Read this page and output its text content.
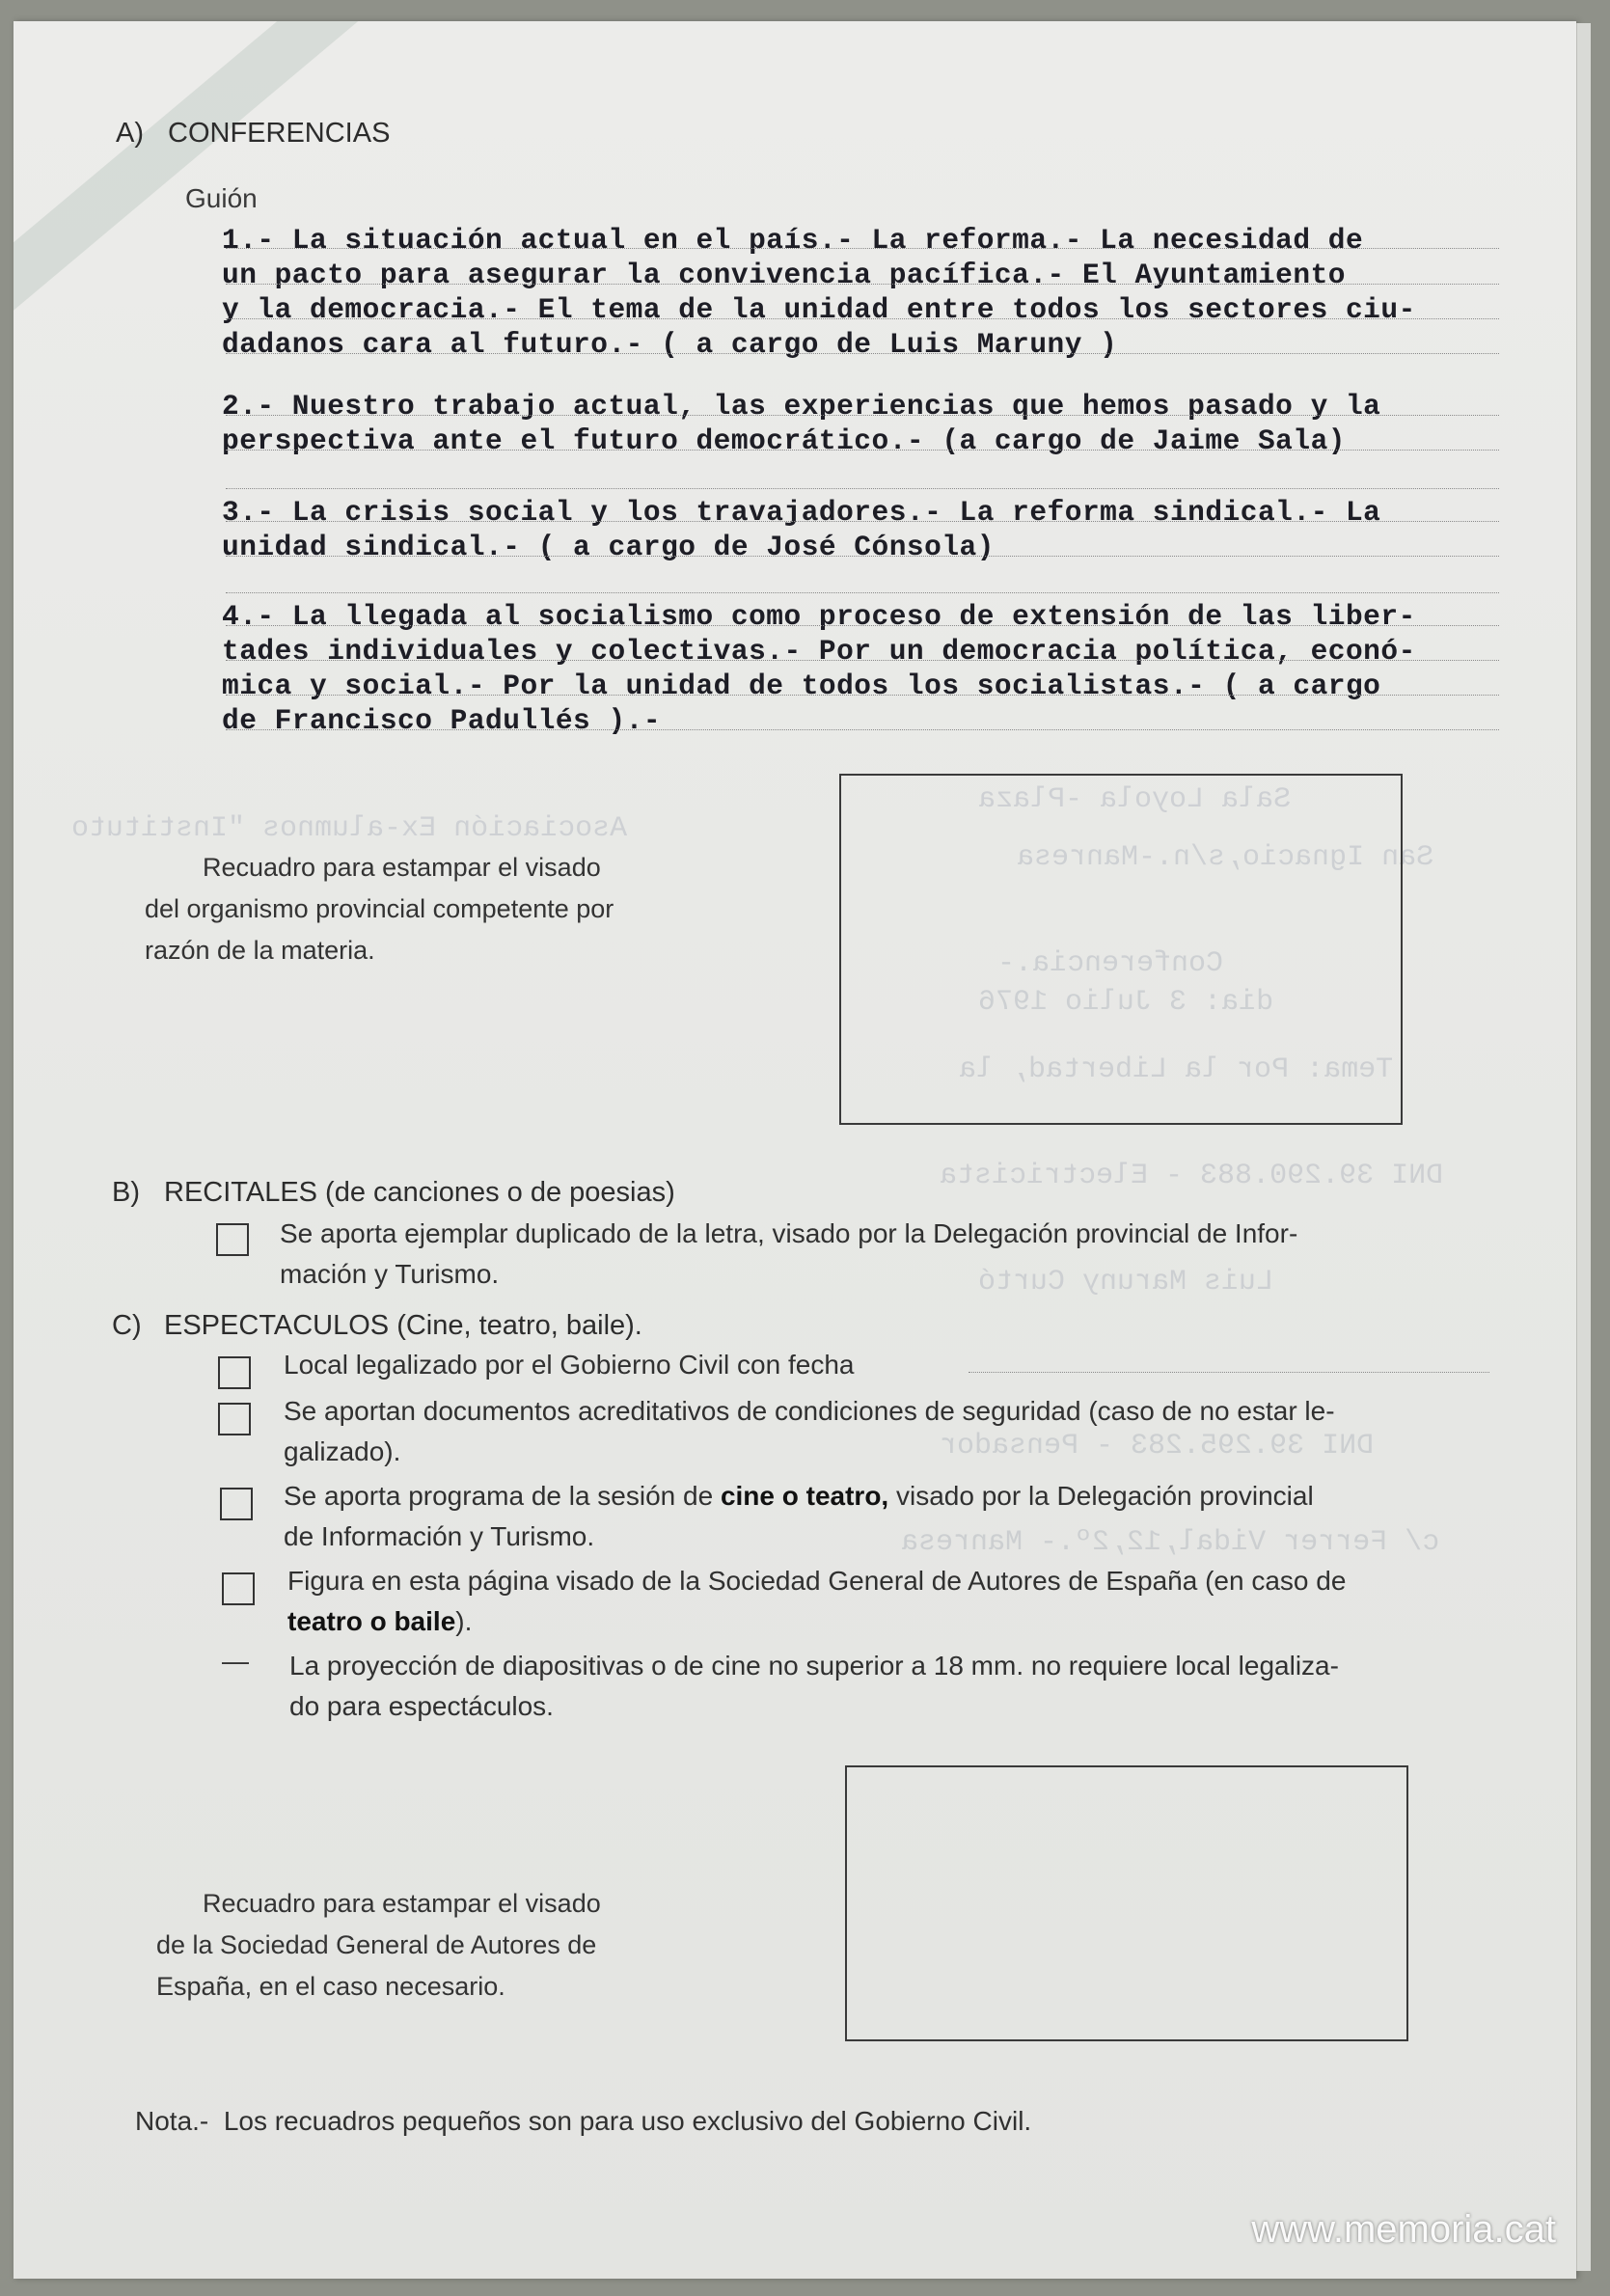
Sala Loyola -Plaza
Asociación Ex-alumnos "Instituto
San Ignacio,s/n.-Manresa
Conferencia.-
dia: 3 Julio 1976
Tema: Por la Libertad, la
DNI 39.290.883 - Electricista
Luis Maruny Curtó
DNI 39.295.283 - Pensador
c/ Ferrer Vidal,12,2º.- Manresa
A) CONFERENCIAS
Guión
1.- La situación actual en el país.- La reforma.- La necesidad de
un pacto para asegurar la convivencia pacífica.- El Ayuntamiento
y la democracia.- El tema de la unidad entre todos los sectores ciu-
dadanos cara al futuro.- ( a cargo de Luis Maruny )
2.- Nuestro trabajo actual, las experiencias que hemos pasado y la
perspectiva ante el futuro democrático.- (a cargo de Jaime Sala)
3.- La crisis social y los travajadores.- La reforma sindical.- La
unidad sindical.- ( a cargo de José Cónsola)
4.- La llegada al socialismo como proceso de extensión de las liber-
tades individuales y colectivas.- Por un democracia política, econó-
mica y social.- Por la unidad de todos los socialistas.- ( a cargo
de Francisco Padullés ).-
Recuadro para estampar el visado
del organismo provincial competente por
razón de la materia.
B) RECITALES (de canciones o de poesias)
Se aporta ejemplar duplicado de la letra, visado por la Delegación provincial de Infor-
mación y Turismo.
C) ESPECTACULOS (Cine, teatro, baile).
Local legalizado por el Gobierno Civil con fecha
Se aportan documentos acreditativos de condiciones de seguridad (caso de no estar le-
galizado).
Se aporta programa de la sesión de cine o teatro, visado por la Delegación provincial
de Información y Turismo.
Figura en esta página visado de la Sociedad General de Autores de España (en caso de
teatro o baile).
— La proyección de diapositivas o de cine no superior a 18 mm. no requiere local legaliza-
do para espectáculos.
Recuadro para estampar el visado
de la Sociedad General de Autores de
España, en el caso necesario.
Nota.- Los recuadros pequeños son para uso exclusivo del Gobierno Civil.
www.memoria.cat
